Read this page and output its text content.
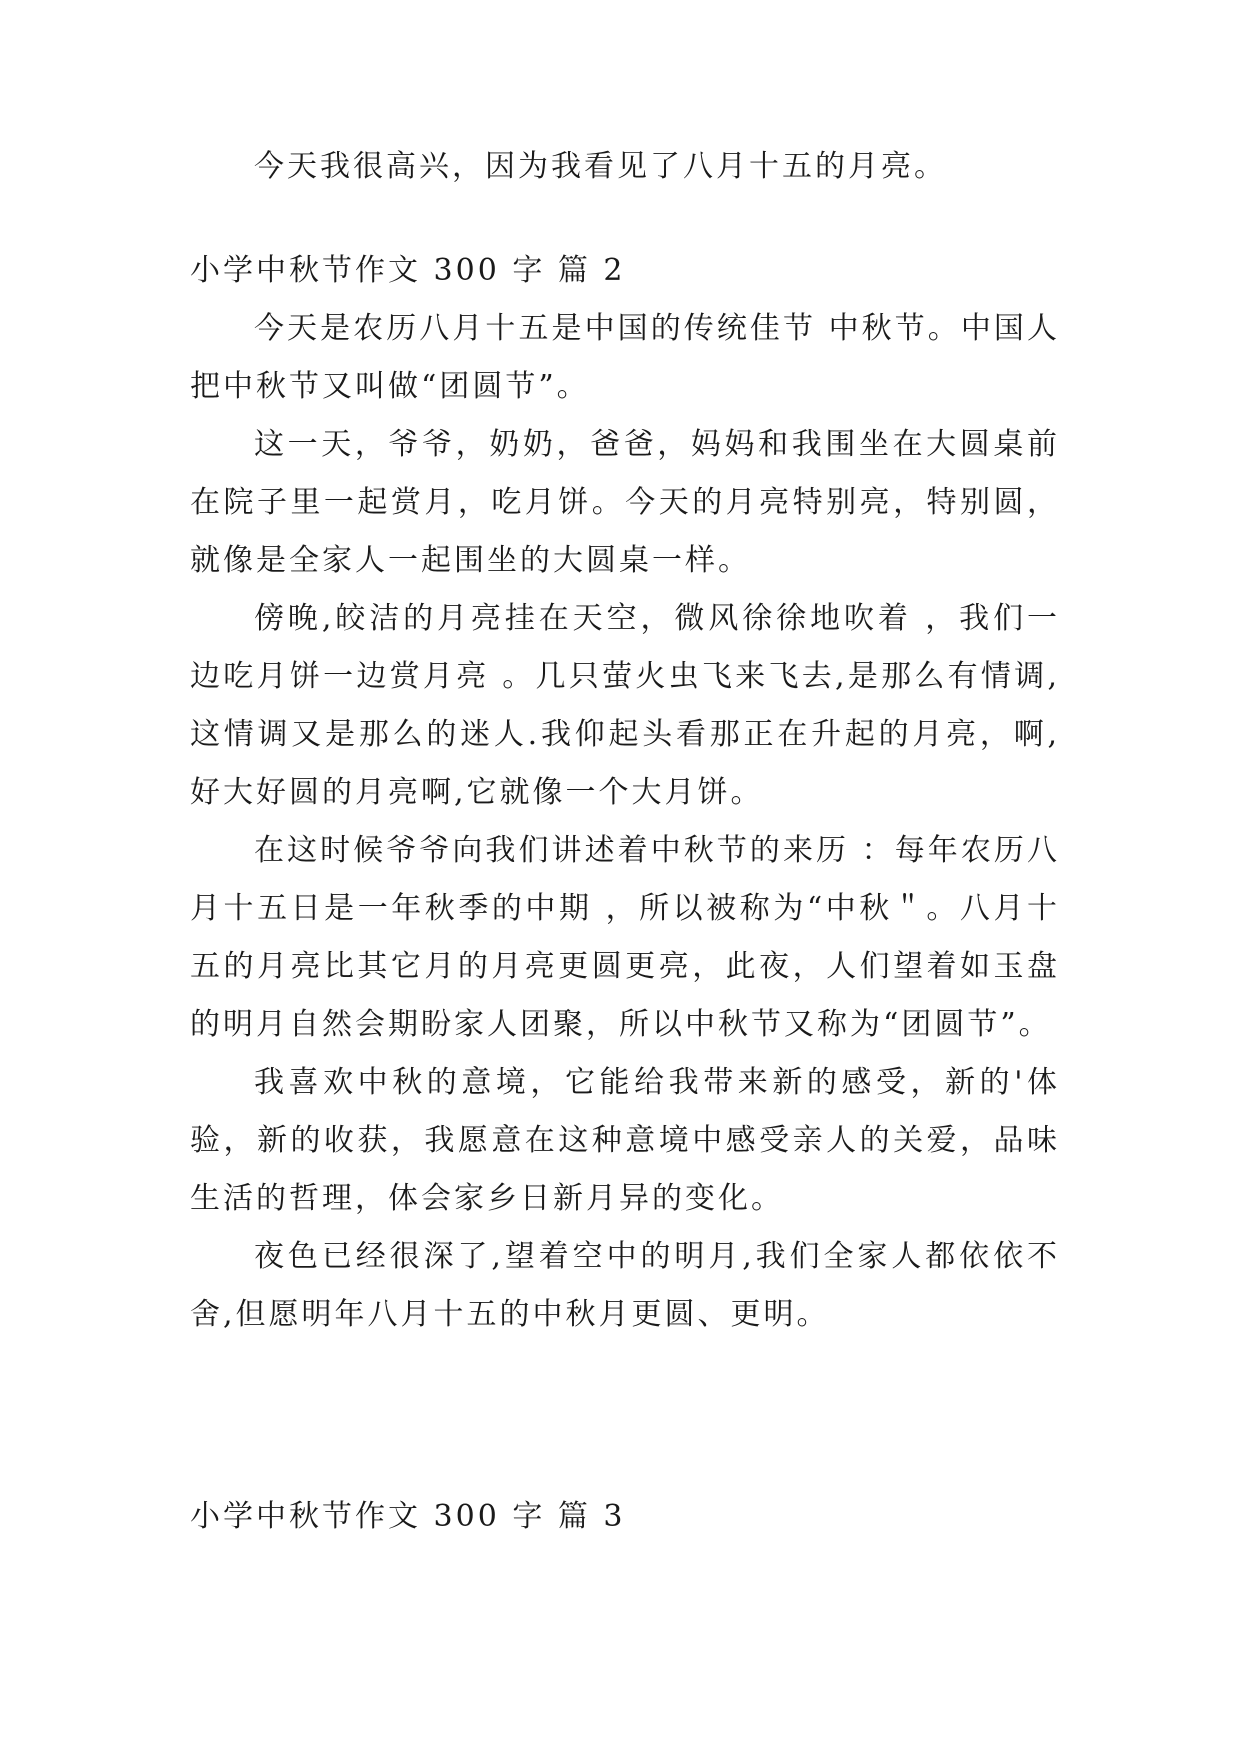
今天我很高兴，因为我看见了八月十五的月亮。

小学中秋节作文 300 字 篇 2

今天是农历八月十五是中国的传统佳节 中秋节。中国人把中秋节又叫做“团圆节”。

这一天，爷爷，奶奶，爸爸，妈妈和我围坐在大圆桌前在院子里一起赏月，吃月饼。今天的月亮特别亮，特别圆，就像是全家人一起围坐的大圆桌一样。

傍晚,皎洁的月亮挂在天空，微风徐徐地吹着 ，我们一边吃月饼一边赏月亮 。几只萤火虫飞来飞去,是那么有情调,这情调又是那么的迷人.我仰起头看那正在升起的月亮，啊,好大好圆的月亮啊,它就像一个大月饼。

在这时候爷爷向我们讲述着中秋节的来历 ：每年农历八月十五日是一年秋季的中期 ，所以被称为“中秋＂。八月十五的月亮比其它月的月亮更圆更亮，此夜，人们望着如玉盘的明月自然会期盼家人团聚，所以中秋节又称为“团圆节”。

我喜欢中秋的意境，它能给我带来新的感受，新的'体验，新的收获，我愿意在这种意境中感受亲人的关爱，品味生活的哲理，体会家乡日新月异的变化。

夜色已经很深了,望着空中的明月,我们全家人都依依不舍,但愿明年八月十五的中秋月更圆、更明。

小学中秋节作文 300 字 篇 3
